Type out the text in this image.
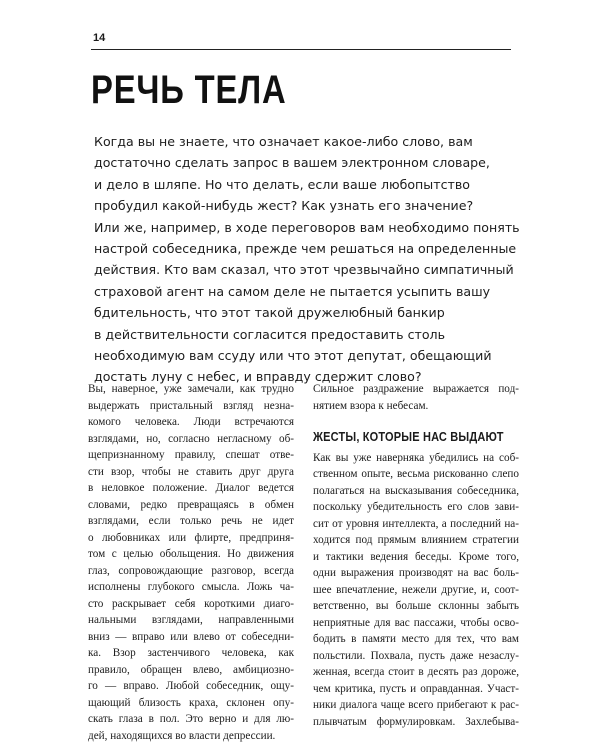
14
РЕЧЬ ТЕЛА
Когда вы не знаете, что означает какое-либо слово, вам
достаточно сделать запрос в вашем электронном словаре,
и дело в шляпе. Но что делать, если ваше любопытство
пробудил какой-нибудь жест? Как узнать его значение?
Или же, например, в ходе переговоров вам необходимо понять
настрой собеседника, прежде чем решаться на определенные
действия. Кто вам сказал, что этот чрезвычайно симпатичный
страховой агент на самом деле не пытается усыпить вашу
бдительность, что этот такой дружелюбный банкир
в действительности согласится предоставить столь
необходимую вам ссуду или что этот депутат, обещающий
достать луну с небес, и вправду сдержит слово?
Вы, наверное, уже замечали, как трудно
выдержать пристальный взгляд незна-
комого человека. Люди встречаются
взглядами, но, согласно негласному об-
щепризнанному правилу, спешат отве-
сти взор, чтобы не ставить друг друга
в неловкое положение. Диалог ведется
словами, редко превращаясь в обмен
взглядами, если только речь не идет
о любовниках или флирте, предприня-
том с целью обольщения. Но движения
глаз, сопровождающие разговор, всегда
исполнены глубокого смысла. Ложь ча-
сто раскрывает себя короткими диаго-
нальными взглядами, направленными
вниз — вправо или влево от собеседни-
ка. Взор застенчивого человека, как
правило, обращен влево, амбициозно-
го — вправо. Любой собеседник, ощу-
щающий близость краха, склонен опу-
скать глаза в пол. Это верно и для лю-
дей, находящихся во власти депрессии.
Сильное раздражение выражается под-
нятием взора к небесам.
ЖЕСТЫ, КОТОРЫЕ НАС ВЫДАЮТ
Как вы уже наверняка убедились на соб-
ственном опыте, весьма рискованно слепо
полагаться на высказывания собеседника,
поскольку убедительность его слов зави-
сит от уровня интеллекта, а последний на-
ходится под прямым влиянием стратегии
и тактики ведения беседы. Кроме того,
одни выражения производят на вас боль-
шее впечатление, нежели другие, и, соот-
ветственно, вы больше склонны забыть
неприятные для вас пассажи, чтобы осво-
бодить в памяти место для тех, что вам
польстили. Похвала, пусть даже незаслу-
женная, всегда стоит в десять раз дороже,
чем критика, пусть и оправданная. Участ-
ники диалога чаще всего прибегают к рас-
плывчатым формулировкам. Захлебыва-
